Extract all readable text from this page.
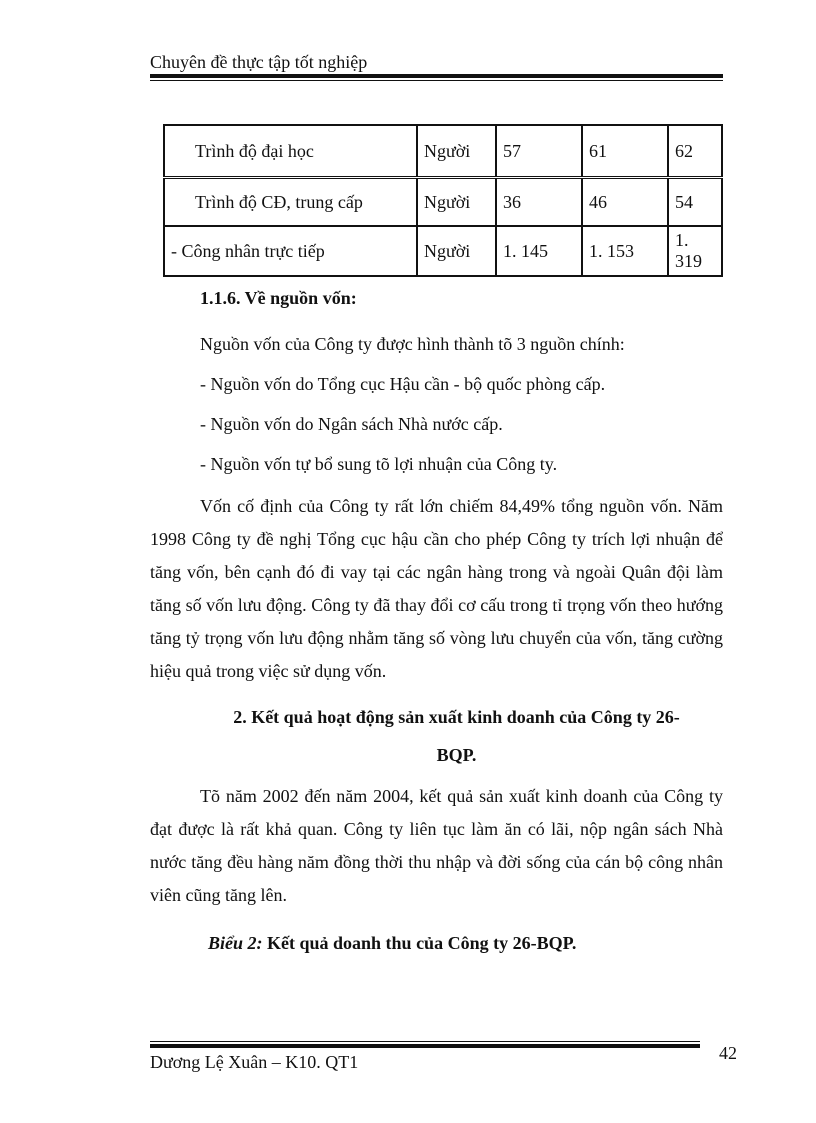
Chuyên đề thực tập tốt nghiệp
Trình độ đại học	Người	57	61	62
Trình độ CĐ, trung cấp	Người	36	46	54
- Công nhân trực tiếp	Người	1. 145	1. 153	1. 319
1.1.6. Về nguồn vốn:
Nguồn vốn của Công ty được hình thành tõ 3 nguồn chính:
- Nguồn vốn do Tổng cục Hậu cần - bộ quốc phòng cấp.
- Nguồn vốn do Ngân sách Nhà nước cấp.
- Nguồn vốn tự bổ sung tõ lợi nhuận của Công ty.
Vốn cố định của Công ty rất lớn chiếm 84,49% tổng nguồn vốn. Năm 1998 Công ty đề nghị Tổng cục hậu cần cho phép Công ty trích lợi nhuận để tăng vốn, bên cạnh đó đi vay tại các ngân hàng trong và ngoài Quân đội làm tăng số vốn lưu động. Công ty đã thay đổi cơ cấu trong tỉ trọng vốn theo hướng tăng tỷ trọng vốn lưu động nhằm tăng số vòng lưu chuyển của vốn, tăng cường hiệu quả trong việc sử dụng vốn.
2. Kết quả hoạt động sản xuất kinh doanh của Công ty 26-
BQP.
Tõ năm 2002 đến năm 2004, kết quả sản xuất kinh doanh của Công ty đạt được là rất khả quan. Công ty liên tục làm ăn có lãi, nộp ngân sách Nhà nước tăng đều hàng năm đồng thời thu nhập và đời sống của cán bộ công nhân viên cũng tăng lên.
Biểu 2: Kết quả doanh thu của Công ty 26-BQP.
Dương Lệ Xuân – K10. QT1	42
